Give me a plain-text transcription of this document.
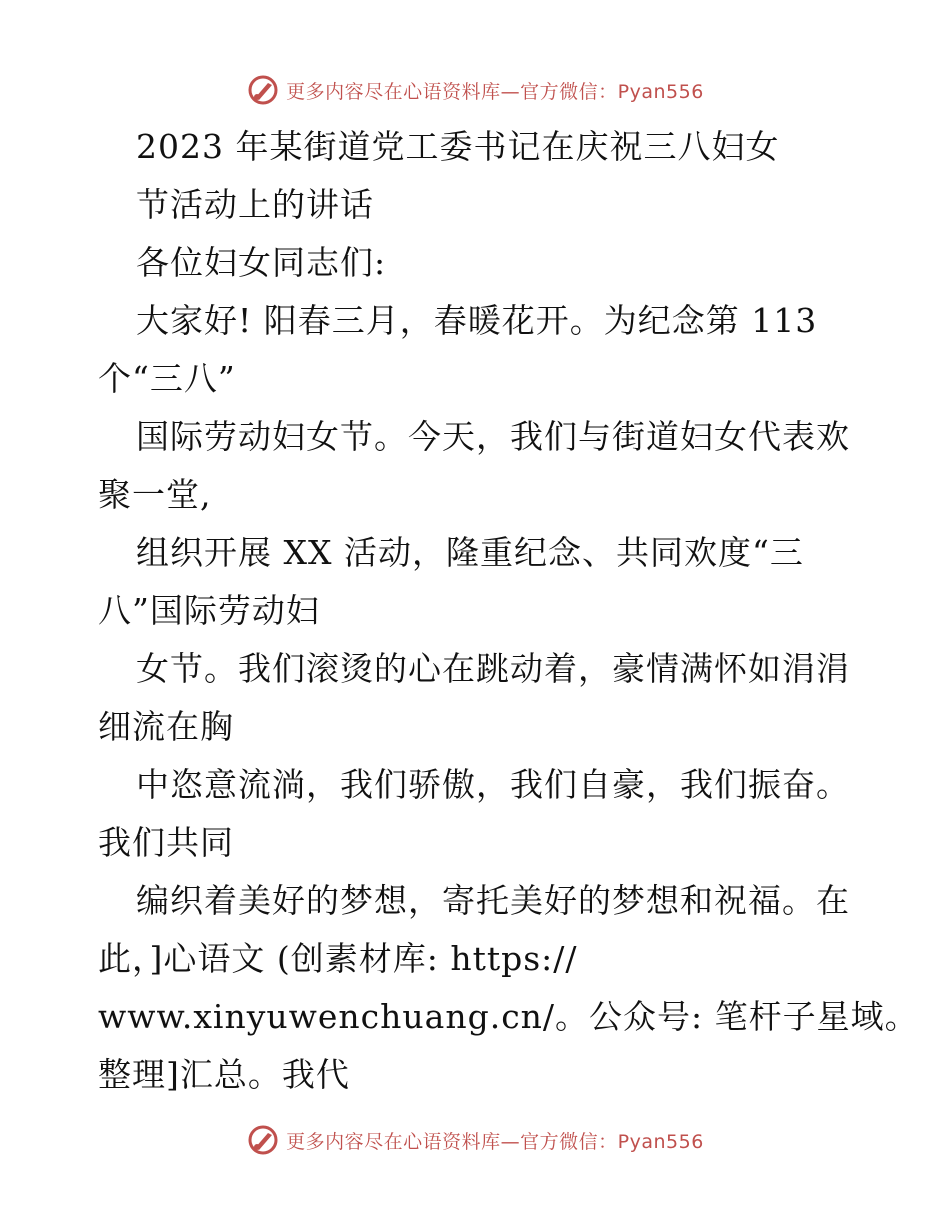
更多内容尽在心语资料库—官方微信：Pyan556
2023 年某街道党工委书记在庆祝三八妇女
节活动上的讲话
各位妇女同志们:
大家好! 阳春三月，春暖花开。为纪念第 113
个“三八”
国际劳动妇女节。今天，我们与街道妇女代表欢
聚一堂,
组织开展 XX 活动，隆重纪念、共同欢度“三
八”国际劳动妇
女节。我们滚烫的心在跳动着，豪情满怀如涓涓
细流在胸
中恣意流淌，我们骄傲，我们自豪，我们振奋。
我们共同
编织着美好的梦想，寄托美好的梦想和祝福。在
此，]心语文 (创素材库: https://
www.xinyuwenchuang.cn/。公众号: 笔杆子星域。
整理]汇总。我代
更多内容尽在心语资料库—官方微信：Pyan556
